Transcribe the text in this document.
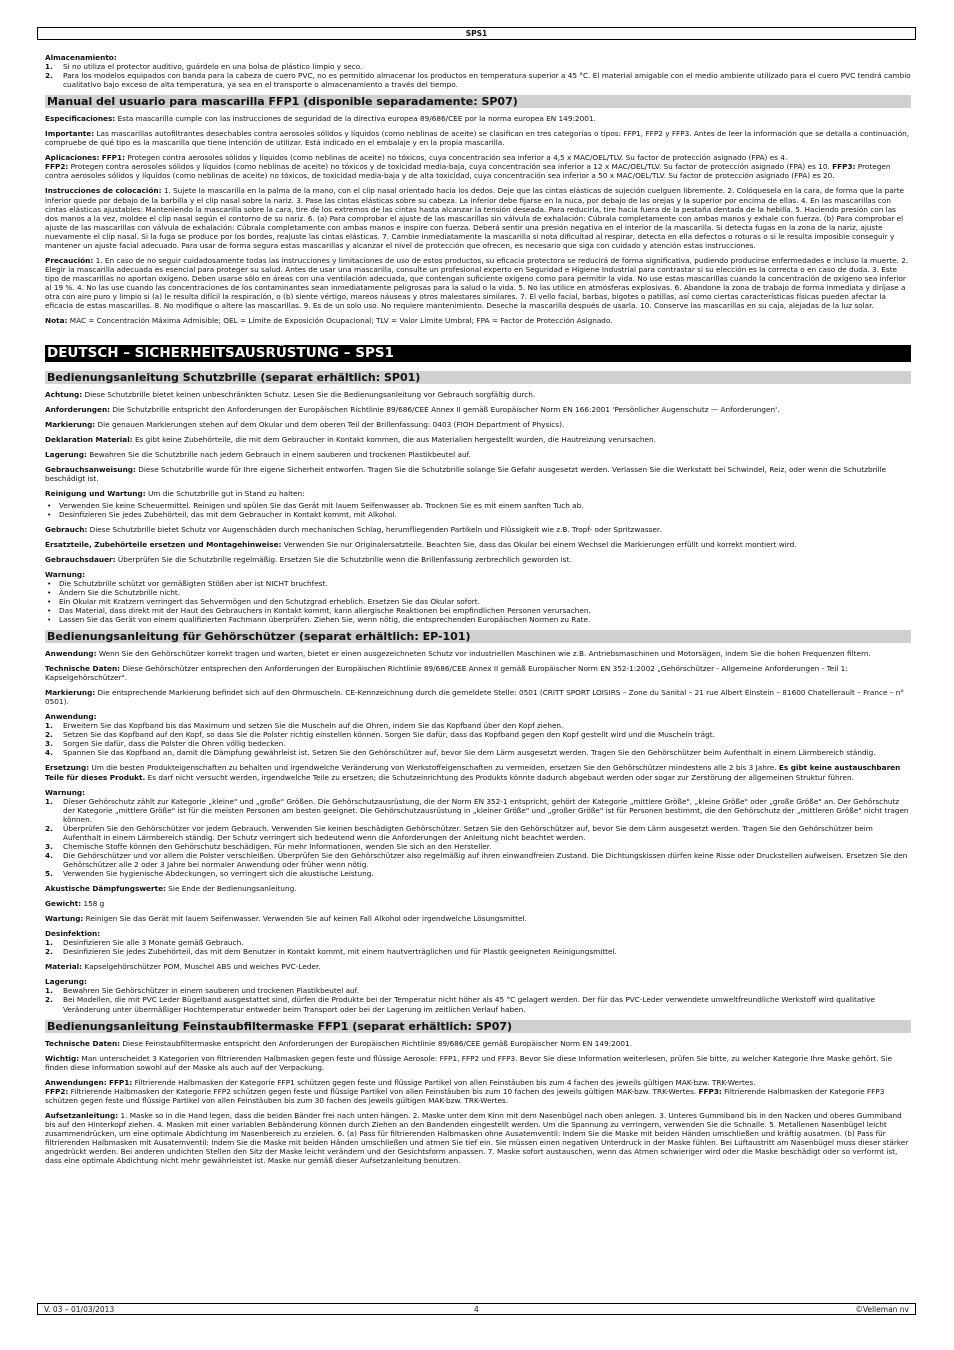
SPS1

Almacenamiento:

1. Si no utiliza el protector auditivo, guárdelo en una bolsa de plástico limpio y seco.
2. Para los modelos equipados con banda para la cabeza de cuero PVC, no es permitido almacenar los productos en temperatura superior a 45 °C. El material amigable con el medio ambiente utilizado para el cuero PVC tendrá cambio cualitativo bajo exceso de alta temperatura, ya sea en el transporte o almacenamiento a través del tiempo.
Manual del usuario para mascarilla FFP1 (disponible separadamente: SP07)

Especificaciones: Esta mascarilla cumple con las instrucciones de seguridad de la directiva europea 89/686/CEE por la norma europea EN 149:2001.

Importante: Las mascarillas autofiltrantes desechables contra aerosoles sólidos y líquidos (como neblinas de aceite) se clasifican en tres categorías o tipos: FFP1, FFP2 y FFP3. Antes de leer la información que se detalla a continuación, compruebe de qué tipo es la mascarilla que tiene intención de utilizar. Está indicado en el embalaje y en la propia mascarilla.

Aplicaciones: FFP1: Protegen contra aerosoles sólidos y líquidos (como neblinas de aceite) no tóxicos, cuya concentración sea inferior a 4,5 x MAC/OEL/TLV. Su factor de protección asignado (FPA) es 4.
FFP2: Protegen contra aerosoles sólidos y líquidos (como neblinas de aceite) no tóxicos y de toxicidad media-baja, cuya concentración sea inferior a 12 x MAC/OEL/TLV. Su factor de protección asignado (FPA) es 10. FFP3: Protegen contra aerosoles sólidos y líquidos (como neblinas de aceite) no tóxicos, de toxicidad media-baja y de alta toxicidad, cuya concentración sea inferior a 50 x MAC/OEL/TLV. Su factor de protección asignado (FPA) es 20.

Instrucciones de colocación: 1. Sujete la mascarilla en la palma de la mano, con el clip nasal orientado hacia los dedos. Deje que las cintas elásticas de sujeción cuelguen libremente. 2. Colóquesela en la cara, de forma que la parte inferior quede por debajo de la barbilla y el clip nasal sobre la nariz. 3. Pase las cintas elásticas sobre su cabeza. La inferior debe fijarse en la nuca, por debajo de las orejas y la superior por encima de ellas. 4. En las mascarillas con cintas elásticas ajustables: Manteniendo la mascarilla sobre la cara, tire de los extremos de las cintas hasta alcanzar la tensión deseada. Para reducirla, tire hacia fuera de la pestaña dentada de la hebilla. 5. Haciendo presión con las dos manos a la vez, moldee el clip nasal según el contorno de su nariz. 6. (a) Para comprobar el ajuste de las mascarillas sin válvula de exhalación: Cúbrala completamente con ambas manos y exhale con fuerza. (b) Para comprobar el ajuste de las mascarillas con válvula de exhalación: Cúbrala completamente con ambas manos e inspire con fuerza. Deberá sentir una presión negativa en el interior de la mascarilla. Si detecta fugas en la zona de la nariz, ajuste nuevamente el clip nasal. Si la fuga se produce por los bordes, reajuste las cintas elásticas. 7. Cambie inmediatamente la mascarilla si nota dificultad al respirar, detecta en ella defectos o roturas o si le resulta imposible conseguir y mantener un ajuste facial adecuado. Para usar de forma segura estas mascarillas y alcanzar el nivel de protección que ofrecen, es necesario que siga con cuidado y atención estas instrucciones.

Precaución: 1. En caso de no seguir cuidadosamente todas las instrucciones y limitaciones de uso de estos productos, su eficacia protectora se reducirá de forma significativa, pudiendo producirse enfermedades e incluso la muerte. 2. Elegir la mascarilla adecuada es esencial para proteger su salud. Antes de usar una mascarilla, consulte un profesional experto en Seguridad e Higiene Industrial para contrastar si su elección es la correcta o en caso de duda. 3. Este tipo de mascarillas no aportan oxígeno. Deben usarse sólo en áreas con una ventilación adecuada, que contengan suficiente oxígeno como para permitir la vida. No use estas mascarillas cuando la concentración de oxígeno sea inferior al 19 %. 4. No las use cuando las concentraciones de los contaminantes sean inmediatamente peligrosas para la salud o la vida. 5. No las utilice en atmósferas explosivas. 6. Abandone la zona de trabajo de forma inmediata y diríjase a otra con aire puro y limpio si (a) le resulta difícil la respiración, o (b) siente vértigo, mareos náuseas y otros malestares similares. 7. El vello facial, barbas, bigotes o patillas, así como ciertas características físicas pueden afectar la eficacia de estas mascarillas. 8. No modifique o altere las mascarillas. 9. Es de un solo uso. No requiere mantenimiento. Deseche la mascarilla después de usarla. 10. Conserve las mascarillas en su caja, alejadas de la luz solar.

Nota: MAC = Concentración Máxima Admisible; OEL = Límite de Exposición Ocupacional; TLV = Valor Límite Umbral; FPA = Factor de Protección Asignado.

DEUTSCH – SICHERHEITSAUSRÜSTUNG – SPS1
Bedienungsanleitung Schutzbrille (separat erhältlich: SP01)

Achtung: Diese Schutzbrille bietet keinen unbeschränkten Schutz. Lesen Sie die Bedienungsanleitung vor Gebrauch sorgfältig durch.

Anforderungen: Die Schutzbrille entspricht den Anforderungen der Europäischen Richtlinie 89/686/CEE Annex II gemäß Europäischer Norm EN 166:2001 'Persönlicher Augenschutz — Anforderungen'.

Markierung: Die genauen Markierungen stehen auf dem Okular und dem oberen Teil der Brillenfassung: 0403 (FIOH Department of Physics).

Deklaration Material: Es gibt keine Zubehörteile, die mit dem Gebraucher in Kontakt kommen, die aus Materialien hergestellt wurden, die Hautreizung verursachen.

Lagerung: Bewahren Sie die Schutzbrille nach jedem Gebrauch in einem sauberen und trockenen Plastikbeutel auf.

Gebrauchsanweisung: Diese Schutzbrille wurde für Ihre eigene Sicherheit entworfen. Tragen Sie die Schutzbrille solange Sie Gefahr ausgesetzt werden. Verlassen Sie die Werkstatt bei Schwindel, Reiz, oder wenn die Schutzbrille beschädigt ist.

Reinigung und Wartung: Um die Schutzbrille gut in Stand zu halten:

• Verwenden Sie keine Scheuermittel. Reinigen und spülen Sie das Gerät mit lauem Seifenwasser ab. Trocknen Sie es mit einem sanften Tuch ab.
• Desinfizieren Sie jedes Zubehörteil, das mit dem Gebraucher in Kontakt kommt, mit Alkohol.

Gebrauch: Diese Schutzbrille bietet Schutz vor Augenschäden durch mechanischen Schlag, herumfliegenden Partikeln und Flüssigkeit wie z.B. Tropf- oder Spritzwasser.

Ersatzteile, Zubehörteile ersetzen und Montagehinweise: Verwenden Sie nur Originalersatzteile. Beachten Sie, dass das Okular bei einem Wechsel die Markierungen erfüllt und korrekt montiert wird.

Gebrauchsdauer: Überprüfen Sie die Schutzbrille regelmäßig. Ersetzen Sie die Schutzbrille wenn die Brillenfassung zerbrechlich geworden ist.

Warnung:

• Die Schutzbrille schützt vor gemäßigten Stößen aber ist NICHT bruchfest.
• Ändern Sie die Schutzbrille nicht.
• Ein Okular mit Kratzern verringert das Sehvermögen und den Schutzgrad erheblich. Ersetzen Sie das Okular sofort.
• Das Material, dass direkt mit der Haut des Gebrauchers in Kontakt kommt, kann allergische Reaktionen bei empfindlichen Personen verursachen.
• Lassen Sie das Gerät von einem qualifizierten Fachmann überprüfen. Ziehen Sie, wenn nötig, die entsprechenden Europäischen Normen zu Rate.
Bedienungsanleitung für Gehörschützer (separat erhältlich: EP-101)

Anwendung: Wenn Sie den Gehörschützer korrekt tragen und warten, bietet er einen ausgezeichneten Schutz vor industriellen Maschinen wie z.B. Antriebsmaschinen und Motorsägen, indem Sie die hohen Frequenzen filtern.

Technische Daten: Diese Gehörschützer entsprechen den Anforderungen der Europäischen Richtlinie 89/686/CEE Annex II gemäß Europäischer Norm EN 352-1:2002 „Gehörschützer - Allgemeine Anforderungen - Teil 1: Kapselgehörschützer".

Markierung: Die entsprechende Markierung befindet sich auf den Ohrmuscheln. CE-Kennzeichnung durch die gemeldete Stelle: 0501 (CRITT SPORT LOISIRS – Zone du Sanital – 21 rue Albert Einstein – 81600 Chatellerault – France – n° 0501).

Anwendung:

1. Erweitern Sie das Kopfband bis das Maximum und setzen Sie die Muscheln auf die Ohren, indem Sie das Kopfband über den Kopf ziehen.
2. Setzen Sie das Kopfband auf den Kopf, so dass Sie die Polster richtig einstellen können. Sorgen Sie dafür, dass das Kopfband gegen den Kopf gestellt wird und die Muscheln trägt.
3. Sorgen Sie dafür, dass die Polster die Ohren völlig bedecken.
4. Spannen Sie das Kopfband an, damit die Dämpfung gewährleist ist. Setzen Sie den Gehörschützer auf, bevor Sie dem Lärm ausgesetzt werden. Tragen Sie den Gehörschützer beim Aufenthalt in einem Lärmbereich ständig.

Ersetzung: Um die besten Produkteigenschaften zu behalten und irgendwelche Veränderung von Werkstoffeigenschaften zu vermeiden, ersetzen Sie den Gehörschützer mindestens alle 2 bis 3 Jahre. Es gibt keine austauschbaren Teile für dieses Produkt. Es darf nicht versucht werden, irgendwelche Teile zu ersetzen; die Schutzeinrichtung des Produkts könnte dadurch abgebaut werden oder sogar zur Zerstörung der allgemeinen Struktur führen.

Warnung:

1. Dieser Gehörschutz zählt zur Kategorie „kleine" und „große" Größen. Die Gehörschutzausrüstung, die der Norm EN 352-1 entspricht, gehört der Kategorie „mittlere Größe", „kleine Größe" oder „große Größe" an. Der Gehörschutz der Kategorie „mittlere Größe" ist für die meisten Personen am besten geeignet. Die Gehörschutzausrüstung in „kleiner Größe" und „großer Größe" ist für Personen bestimmt, die den Gehörschutz der „mittleren Größe" nicht tragen können.
2. Überprüfen Sie den Gehörschützer vor jedem Gebrauch. Verwenden Sie keinen beschädigten Gehörschützer. Setzen Sie den Gehörschützer auf, bevor Sie dem Lärm ausgesetzt werden. Tragen Sie den Gehörschützer beim Aufenthalt in einem Lärmbereich ständig. Der Schutz verringert sich bedeutend wenn die Anforderungen der Anleitung nicht beachtet werden.
3. Chemische Stoffe können den Gehörschutz beschädigen. Für mehr Informationen, wenden Sie sich an den Hersteller.
4. Die Gehörschützer und vor allem die Polster verschleißen. Überprüfen Sie den Gehörschützer also regelmäßig auf ihren einwandfreien Zustand. Die Dichtungskissen dürfen keine Risse oder Druckstellen aufweisen. Ersetzen Sie den Gehörschützer alle 2 oder 3 Jahre bei normaler Anwendung oder früher wenn nötig.
5. Verwenden Sie hygienische Abdeckungen, so verringert sich die akustische Leistung.

Akustische Dämpfungswerte: Sie Ende der Bedienungsanleitung.

Gewicht: 158 g

Wartung: Reinigen Sie das Gerät mit lauem Seifenwasser. Verwenden Sie auf keinen Fall Alkohol oder irgendwelche Lösungsmittel.

Desinfektion:

1. Desinfizieren Sie alle 3 Monate gemäß Gebrauch.
2. Desinfizieren Sie jedes Zubehörteil, das mit dem Benutzer in Kontakt kommt, mit einem hautverträglichen und für Plastik geeigneten Reinigungsmittel.

Material: Kapselgehörschützer POM, Muschel ABS und weiches PVC-Leder.

Lagerung:

1. Bewahren Sie Gehörschützer in einem sauberen und trockenen Plastikbeutel auf.
2. Bei Modellen, die mit PVC Leder Bügelband ausgestattet sind, dürfen die Produkte bei der Temperatur nicht höher als 45 °C gelagert werden. Der für das PVC-Leder verwendete umweltfreundliche Werkstoff wird qualitative Veränderung unter übermäßiger Hochtemperatur entweder beim Transport oder bei der Lagerung im zeitlichen Verlauf haben.
Bedienungsanleitung Feinstaubfiltermaske FFP1 (separat erhältlich: SP07)

Technische Daten: Diese Feinstaubfiltermaske entspricht den Anforderungen der Europäischen Richtlinie 89/686/CEE gemäß Europäischer Norm EN 149:2001.

Wichtig: Man unterscheidet 3 Kategorien von filtrierenden Halbmasken gegen feste und flüssige Aerosole: FFP1, FFP2 und FFP3. Bevor Sie diese Information weiterlesen, prüfen Sie bitte, zu welcher Kategorie Ihre Maske gehört. Sie finden diese Information sowohl auf der Maske als auch auf der Verpackung.

Anwendungen: FFP1: Filtrierende Halbmasken der Kategorie FFP1 schützen gegen feste und flüssige Partikel von allen Feinstäuben bis zum 4 fachen des jeweils gültigen MAK-bzw. TRK-Wertes.
FFP2: Filtrierende Halbmasken der Kategorie FFP2 schützen gegen feste und flüssige Partikel von allen Feinstäuben bis zum 10 fachen des jeweils gültigen MAK-bzw. TRK-Wertes. FFP3: Filtrierende Halbmasken der Kategorie FFP3 schützen gegen feste und flüssige Partikel von allen Feinstäuben bis zum 30 fachen des jeweils gültigen MAK-bzw. TRK-Wertes.

Aufsetzanleitung: 1. Maske so in die Hand legen, dass die beiden Bänder frei nach unten hängen. 2. Maske unter dem Kinn mit dem Nasenbügel nach oben anlegen. 3. Unteres Gummiband bis in den Nacken und oberes Gummiband bis auf den Hinterkopf ziehen. 4. Masken mit einer variablen Bebänderung können durch Ziehen an den Bandenden eingestellt werden. Um die Spannung zu verringern, verwenden Sie die Schnalle. 5. Metallenen Nasenbügel leicht zusammendrücken, um eine optimale Abdichtung im Nasenbereich zu erzielen. 6. (a) Pass für filtrierenden Halbmasken ohne Ausatemventil: Indem Sie die Maske mit beiden Händen umschließen und kräftig ausatmen. (b) Pass für filtrierenden Halbmasken mit Ausatemventil: Indem Sie die Maske mit beiden Händen umschließen und atmen Sie tief ein. Sie müssen einen negativen Unterdruck in der Maske fühlen. Bei Luftaustritt am Nasenbügel muss dieser stärker angedrückt werden. Bei anderen undichten Stellen den Sitz der Maske leicht verändern und der Gesichtsform anpassen. 7. Maske sofort austauschen, wenn das Atmen schwieriger wird oder die Maske beschädigt oder so verformt ist, dass eine optimale Abdichtung nicht mehr gewährleistet ist. Maske nur gemäß dieser Aufsetzanleitung benutzen.

V. 03 – 01/03/2013	4	©Velleman nv
